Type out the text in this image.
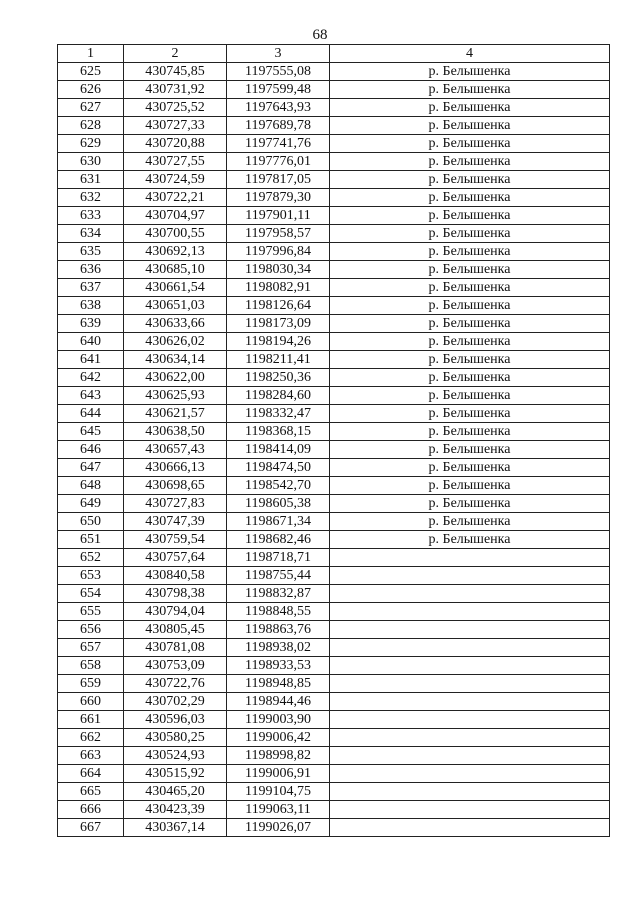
68
1	2	3	4
625	430745,85	1197555,08	р. Белышенка
626	430731,92	1197599,48	р. Белышенка
627	430725,52	1197643,93	р. Белышенка
628	430727,33	1197689,78	р. Белышенка
629	430720,88	1197741,76	р. Белышенка
630	430727,55	1197776,01	р. Белышенка
631	430724,59	1197817,05	р. Белышенка
632	430722,21	1197879,30	р. Белышенка
633	430704,97	1197901,11	р. Белышенка
634	430700,55	1197958,57	р. Белышенка
635	430692,13	1197996,84	р. Белышенка
636	430685,10	1198030,34	р. Белышенка
637	430661,54	1198082,91	р. Белышенка
638	430651,03	1198126,64	р. Белышенка
639	430633,66	1198173,09	р. Белышенка
640	430626,02	1198194,26	р. Белышенка
641	430634,14	1198211,41	р. Белышенка
642	430622,00	1198250,36	р. Белышенка
643	430625,93	1198284,60	р. Белышенка
644	430621,57	1198332,47	р. Белышенка
645	430638,50	1198368,15	р. Белышенка
646	430657,43	1198414,09	р. Белышенка
647	430666,13	1198474,50	р. Белышенка
648	430698,65	1198542,70	р. Белышенка
649	430727,83	1198605,38	р. Белышенка
650	430747,39	1198671,34	р. Белышенка
651	430759,54	1198682,46	р. Белышенка
652	430757,64	1198718,71	
653	430840,58	1198755,44	
654	430798,38	1198832,87	
655	430794,04	1198848,55	
656	430805,45	1198863,76	
657	430781,08	1198938,02	
658	430753,09	1198933,53	
659	430722,76	1198948,85	
660	430702,29	1198944,46	
661	430596,03	1199003,90	
662	430580,25	1199006,42	
663	430524,93	1198998,82	
664	430515,92	1199006,91	
665	430465,20	1199104,75	
666	430423,39	1199063,11	
667	430367,14	1199026,07	
